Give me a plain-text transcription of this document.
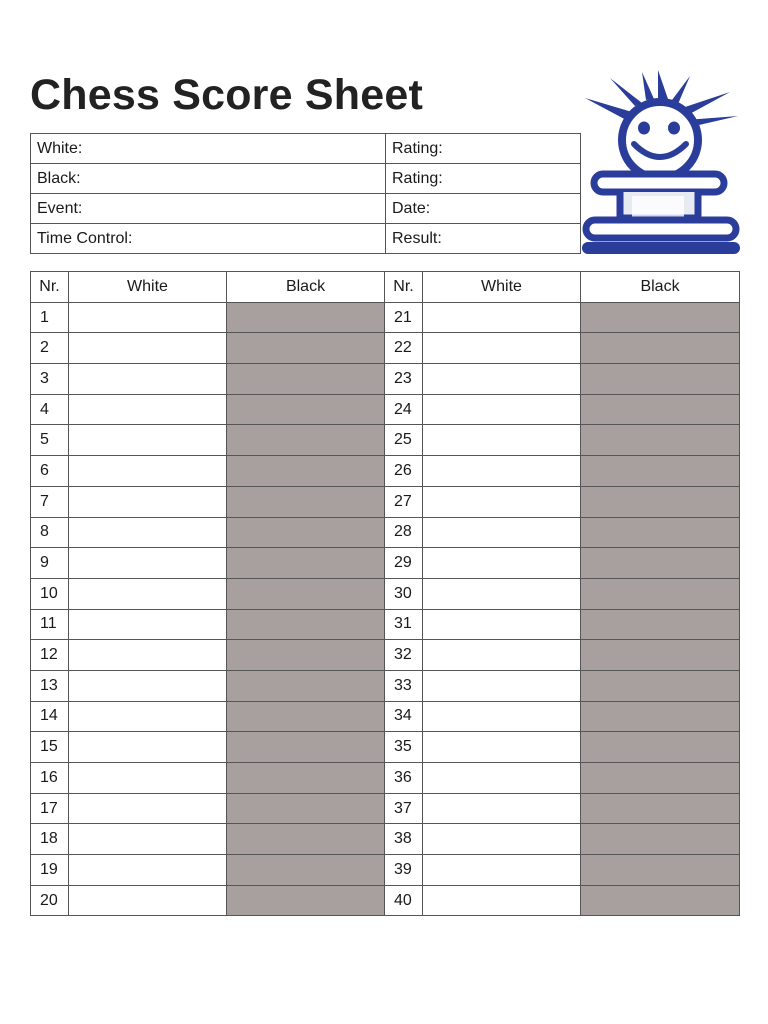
Chess Score Sheet
White:	Rating:
Black:	Rating:
Event:	Date:
Time Control:	Result:
Nr.	White	Black	Nr.	White	Black
1			21		
2			22		
3			23		
4			24		
5			25		
6			26		
7			27		
8			28		
9			29		
10			30		
11			31		
12			32		
13			33		
14			34		
15			35		
16			36		
17			37		
18			38		
19			39		
20			40		
